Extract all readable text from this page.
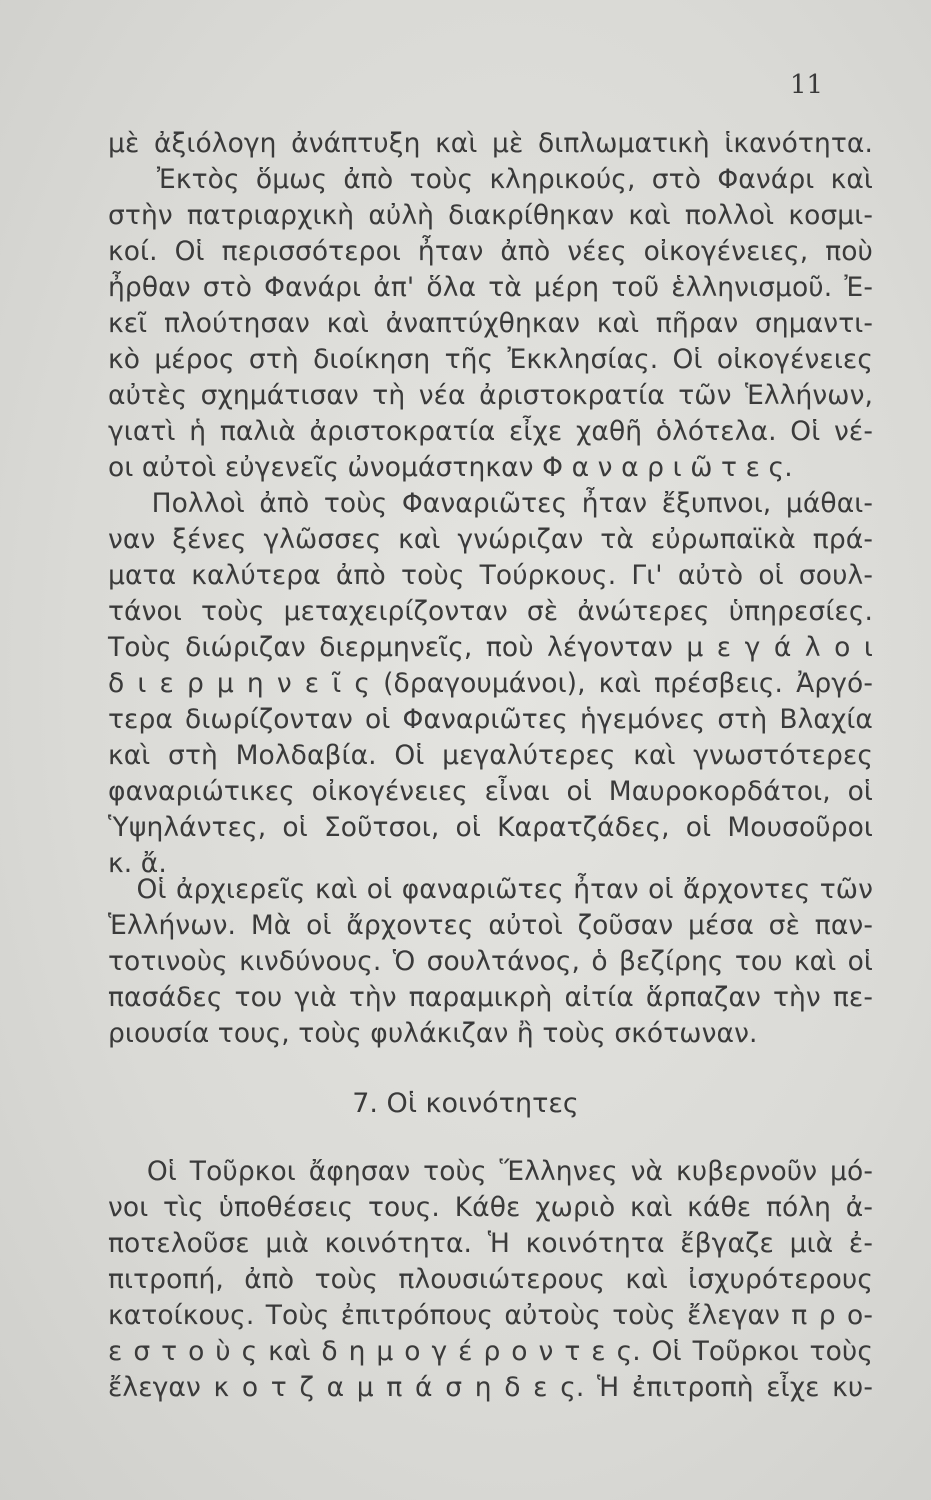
11
μὲ ἀξιόλογη ἀνάπτυξη καὶ μὲ διπλωματικὴ ἱκανότητα.
Ἐκτὸς ὅμως ἀπὸ τοὺς κληρικούς, στὸ Φανάρι καὶ
στὴν πατριαρχικὴ αὐλὴ διακρίθηκαν καὶ πολλοὶ κοσμι-
κοί. Οἱ περισσότεροι ἦταν ἀπὸ νέες οἰκογένειες, ποὺ
ἦρθαν στὸ Φανάρι ἀπ' ὅλα τὰ μέρη τοῦ ἑλληνισμοῦ. Ἐ-
κεῖ πλούτησαν καὶ ἀναπτύχθηκαν καὶ πῆραν σημαντι-
κὸ μέρος στὴ διοίκηση τῆς Ἐκκλησίας. Οἱ οἰκογένειες
αὐτὲς σχημάτισαν τὴ νέα ἀριστοκρατία τῶν Ἑλλήνων,
γιατὶ ἡ παλιὰ ἀριστοκρατία εἶχε χαθῆ ὁλότελα. Οἱ νέ-
οι αὐτοὶ εὐγενεῖς ὠνομάστηκαν Φ α ν α ρ ι ῶ τ ε ς.
Πολλοὶ ἀπὸ τοὺς Φαναριῶτες ἦταν ἔξυπνοι, μάθαι-
ναν ξένες γλῶσσες καὶ γνώριζαν τὰ εὐρωπαϊκὰ πρά-
ματα καλύτερα ἀπὸ τοὺς Τούρκους. Γι' αὐτὸ οἱ σουλ-
τάνοι τοὺς μεταχειρίζονταν σὲ ἀνώτερες ὑπηρεσίες.
Τοὺς διώριζαν διερμηνεῖς, ποὺ λέγονταν μ ε γ ά λ ο ι
δ ι ε ρ μ η ν ε ῖ ς (δραγουμάνοι), καὶ πρέσβεις. Ἀργό-
τερα διωρίζονταν οἱ Φαναριῶτες ἡγεμόνες στὴ Βλαχία
καὶ στὴ Μολδαβία. Οἱ μεγαλύτερες καὶ γνωστότερες
φαναριώτικες οἰκογένειες εἶναι οἱ Μαυροκορδάτοι, οἱ
Ὑψηλάντες, οἱ Σοῦτσοι, οἱ Καρατζάδες, οἱ Μουσοῦροι
κ. ἄ.
Οἱ ἀρχιερεῖς καὶ οἱ φαναριῶτες ἦταν οἱ ἄρχοντες τῶν
Ἑλλήνων. Μὰ οἱ ἄρχοντες αὐτοὶ ζοῦσαν μέσα σὲ παν-
τοτινοὺς κινδύνους. Ὁ σουλτάνος, ὁ βεζίρης του καὶ οἱ
πασάδες του γιὰ τὴν παραμικρὴ αἰτία ἅρπαζαν τὴν πε-
ριουσία τους, τοὺς φυλάκιζαν ἢ τοὺς σκότωναν.
7. Οἱ κοινότητες
Οἱ Τοῦρκοι ἄφησαν τοὺς Ἕλληνες νὰ κυβερνοῦν μό-
νοι τὶς ὑποθέσεις τους. Κάθε χωριὸ καὶ κάθε πόλη ἀ-
ποτελοῦσε μιὰ κοινότητα. Ἡ κοινότητα ἔβγαζε μιὰ ἐ-
πιτροπή, ἀπὸ τοὺς πλουσιώτερους καὶ ἰσχυρότερους
κατοίκους. Τοὺς ἐπιτρόπους αὐτοὺς τοὺς ἔλεγαν π ρ ο-
ε σ τ ο ὺ ς καὶ δ η μ ο γ έ ρ ο ν τ ε ς. Οἱ Τοῦρκοι τοὺς
ἔλεγαν κ ο τ ζ α μ π ά σ η δ ε ς. Ἡ ἐπιτροπὴ εἶχε κυ-
